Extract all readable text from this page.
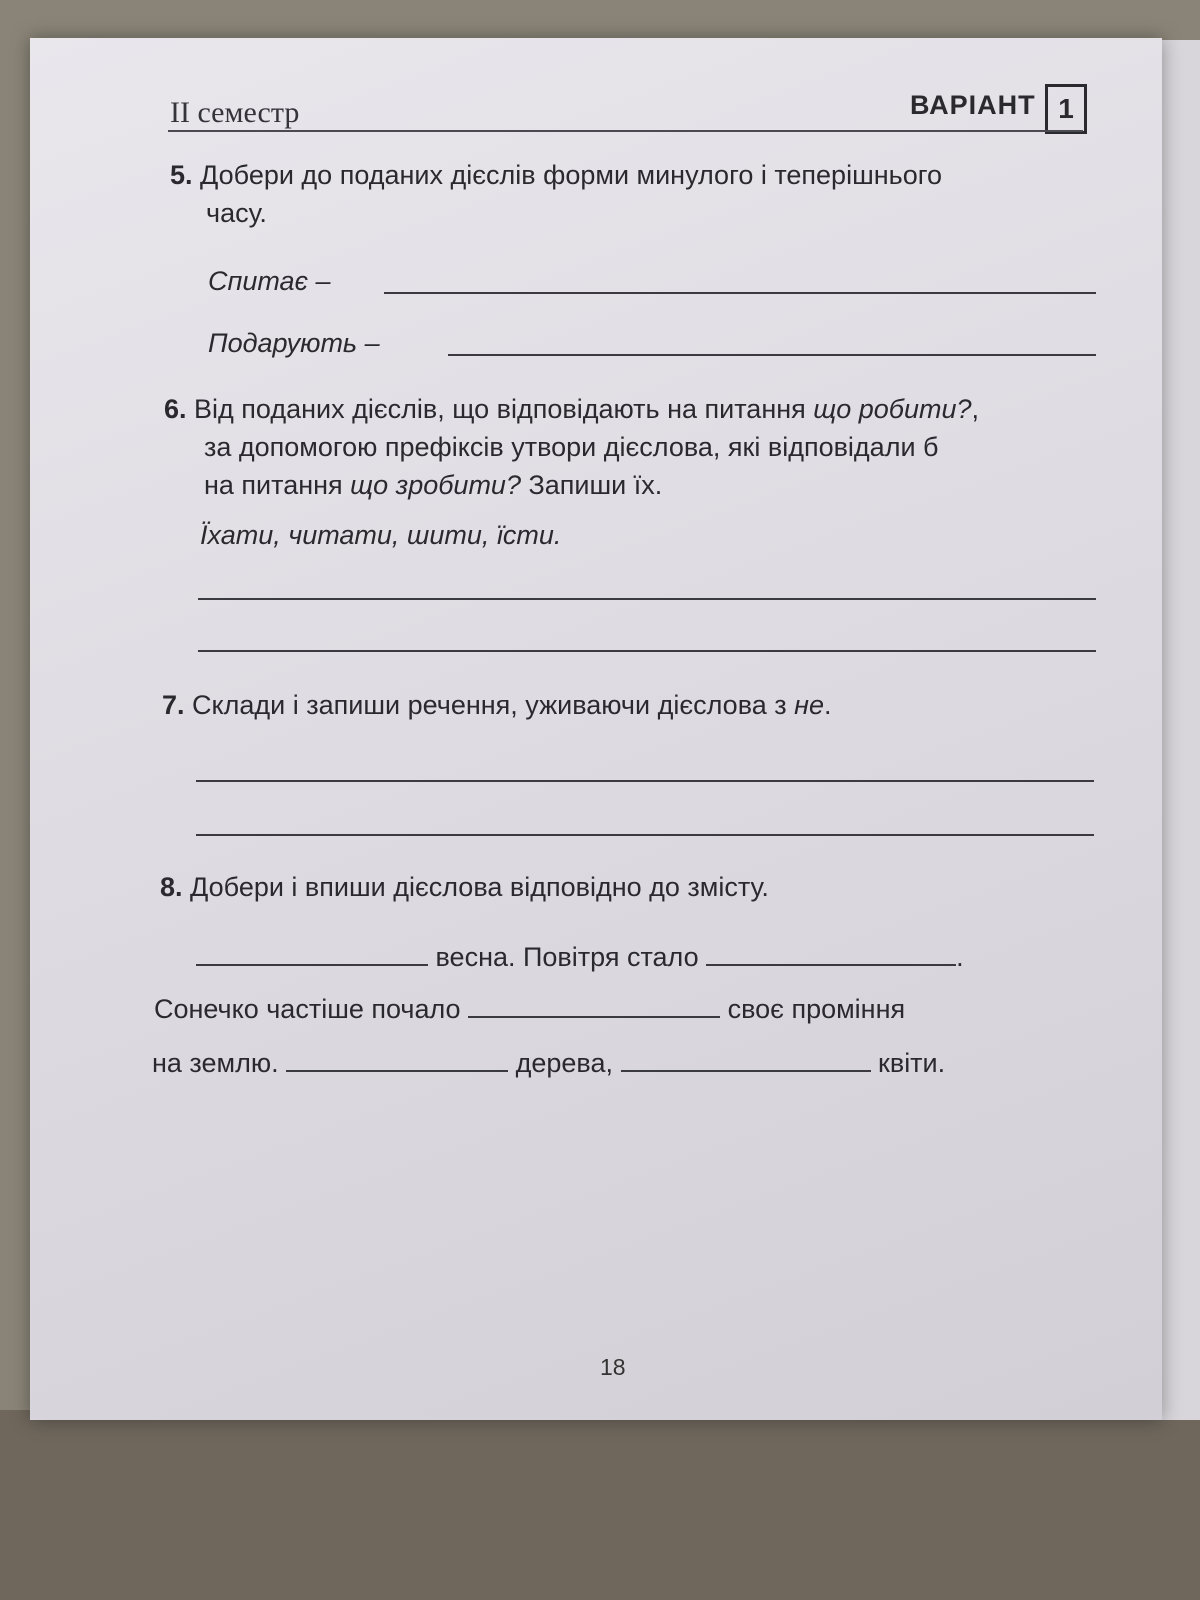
II семестр	ВАРІАНТ 1
5. Добери до поданих дієслів форми минулого і теперішнього
часу.
Спитає –
Подарують –
6. Від поданих дієслів, що відповідають на питання що робити?,
за допомогою префіксів утвори дієслова, які відповідали б
на питання що зробити? Запиши їх.
Їхати, читати, шити, їсти.
7. Склади і запиши речення, уживаючи дієслова з не.
8. Добери і впиши дієслова відповідно до змісту.
весна. Повітря стало	.
Сонечко частіше почало	своє проміння
на землю.	дерева,	квіти.
18
